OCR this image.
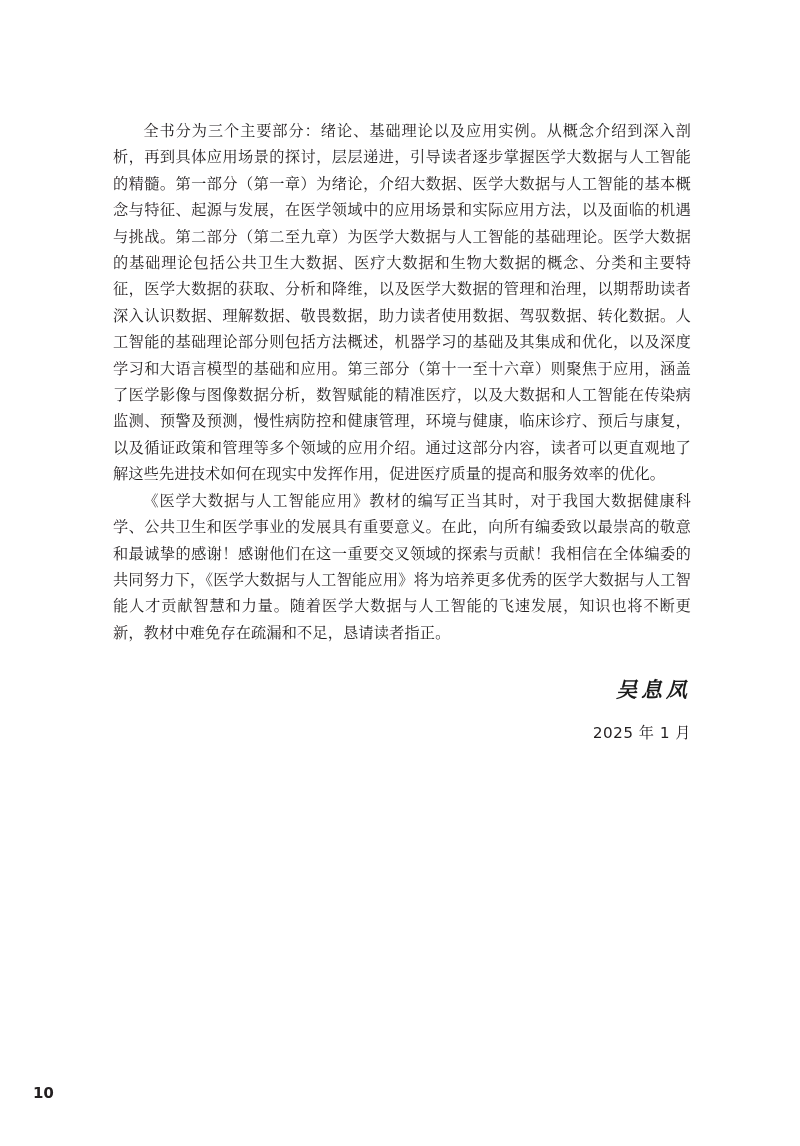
全书分为三个主要部分：绪论、基础理论以及应用实例。从概念介绍到深入剖析，再到具体应用场景的探讨，层层递进，引导读者逐步掌握医学大数据与人工智能的精髓。第一部分（第一章）为绪论，介绍大数据、医学大数据与人工智能的基本概念与特征、起源与发展，在医学领域中的应用场景和实际应用方法，以及面临的机遇与挑战。第二部分（第二至九章）为医学大数据与人工智能的基础理论。医学大数据的基础理论包括公共卫生大数据、医疗大数据和生物大数据的概念、分类和主要特征，医学大数据的获取、分析和降维，以及医学大数据的管理和治理，以期帮助读者深入认识数据、理解数据、敬畏数据，助力读者使用数据、驾驭数据、转化数据。人工智能的基础理论部分则包括方法概述，机器学习的基础及其集成和优化，以及深度学习和大语言模型的基础和应用。第三部分（第十一至十六章）则聚焦于应用，涵盖了医学影像与图像数据分析，数智赋能的精准医疗，以及大数据和人工智能在传染病监测、预警及预测，慢性病防控和健康管理，环境与健康，临床诊疗、预后与康复，以及循证政策和管理等多个领域的应用介绍。通过这部分内容，读者可以更直观地了解这些先进技术如何在现实中发挥作用，促进医疗质量的提高和服务效率的优化。

《医学大数据与人工智能应用》教材的编写正当其时，对于我国大数据健康科学、公共卫生和医学事业的发展具有重要意义。在此，向所有编委致以最崇高的敬意和最诚挚的感谢！感谢他们在这一重要交叉领域的探索与贡献！我相信在全体编委的共同努力下，《医学大数据与人工智能应用》将为培养更多优秀的医学大数据与人工智能人才贡献智慧和力量。随着医学大数据与人工智能的飞速发展，知识也将不断更新，教材中难免存在疏漏和不足，恳请读者指正。

吴息凤
2025 年 1 月
10
